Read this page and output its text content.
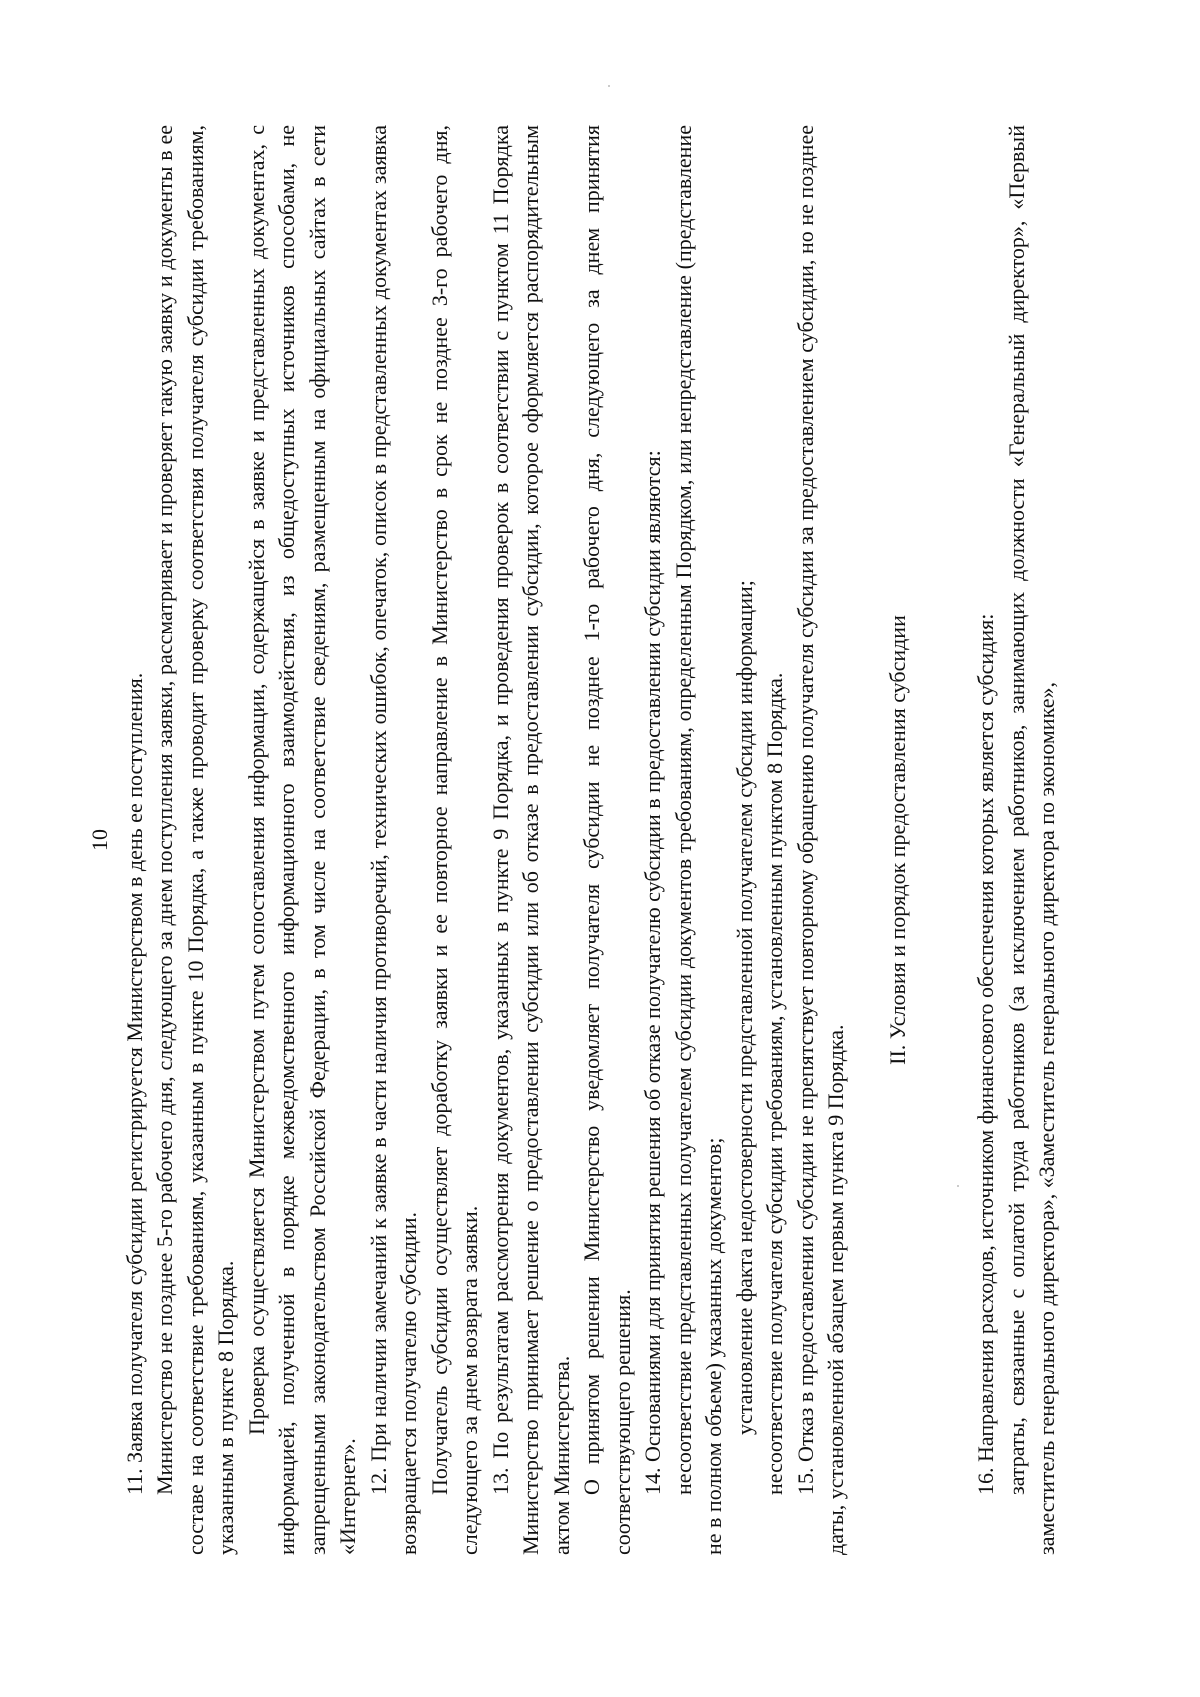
10 11. Заявка получателя субсидии регистрируется Министерством в день ее поступления. Министерство не позднее 5-го рабочего дня, следующего за днем поступления заявки, рассматривает и проверяет такую заявку и документы в ее составе на соответствие требованиям, указанным в пункте 10 Порядка, а также проводит проверку соответствия получателя субсидии требованиям, указанным в пункте 8 Порядка. Проверка осуществляется Министерством путем сопоставления информации, содержащейся в заявке и представленных документах, с информацией, полученной в порядке межведомственного информационного взаимодействия, из общедоступных источников способами, не запрещенными законодательством Российской Федерации, в том числе на соответствие сведениям, размещенным на официальных сайтах в сети «Интернет».

12. При наличии замечаний к заявке в части наличия противоречий, технических ошибок, опечаток, описок в представленных документах заявка возвращается получателю субсидии. Получатель субсидии осуществляет доработку заявки и ее повторное направление в Министерство в срок не позднее 3-го рабочего дня, следующего за днем возврата заявки. 13. По результатам рассмотрения документов, указанных в пункте 9 Порядка, и проведения проверок в соответствии с пунктом 11 Порядка Министерство принимает решение о предоставлении субсидии или об отказе в предоставлении субсидии, которое оформляется распорядительным актом Министерства. О принятом решении Министерство уведомляет получателя субсидии не позднее 1-го рабочего дня, следующего за днем принятия соответствующего решения. 14. Основаниями для принятия решения об отказе получателю субсидии в предоставлении субсидии являются: несоответствие представленных получателем субсидии документов требованиям, определенным Порядком, или непредставление (представление не в полном объеме) указанных документов; установление факта недостоверности представленной получателем субсидии информации; несоответствие получателя субсидии требованиям, установленным пунктом 8 Порядка. 15. Отказ в предоставлении субсидии не препятствует повторному обращению получателя субсидии за предоставлением субсидии, но не позднее даты, установленной абзацем первым пункта 9 Порядка.

II. Условия и порядок предоставления субсидии	16. Направления расходов, источником финансового обеспечения которых является субсидия: затраты, связанные с оплатой труда работников (за исключением работников, занимающих должности «Генеральный директор», «Первый заместитель генерального директора», «Заместитель генерального директора по экономике»,
